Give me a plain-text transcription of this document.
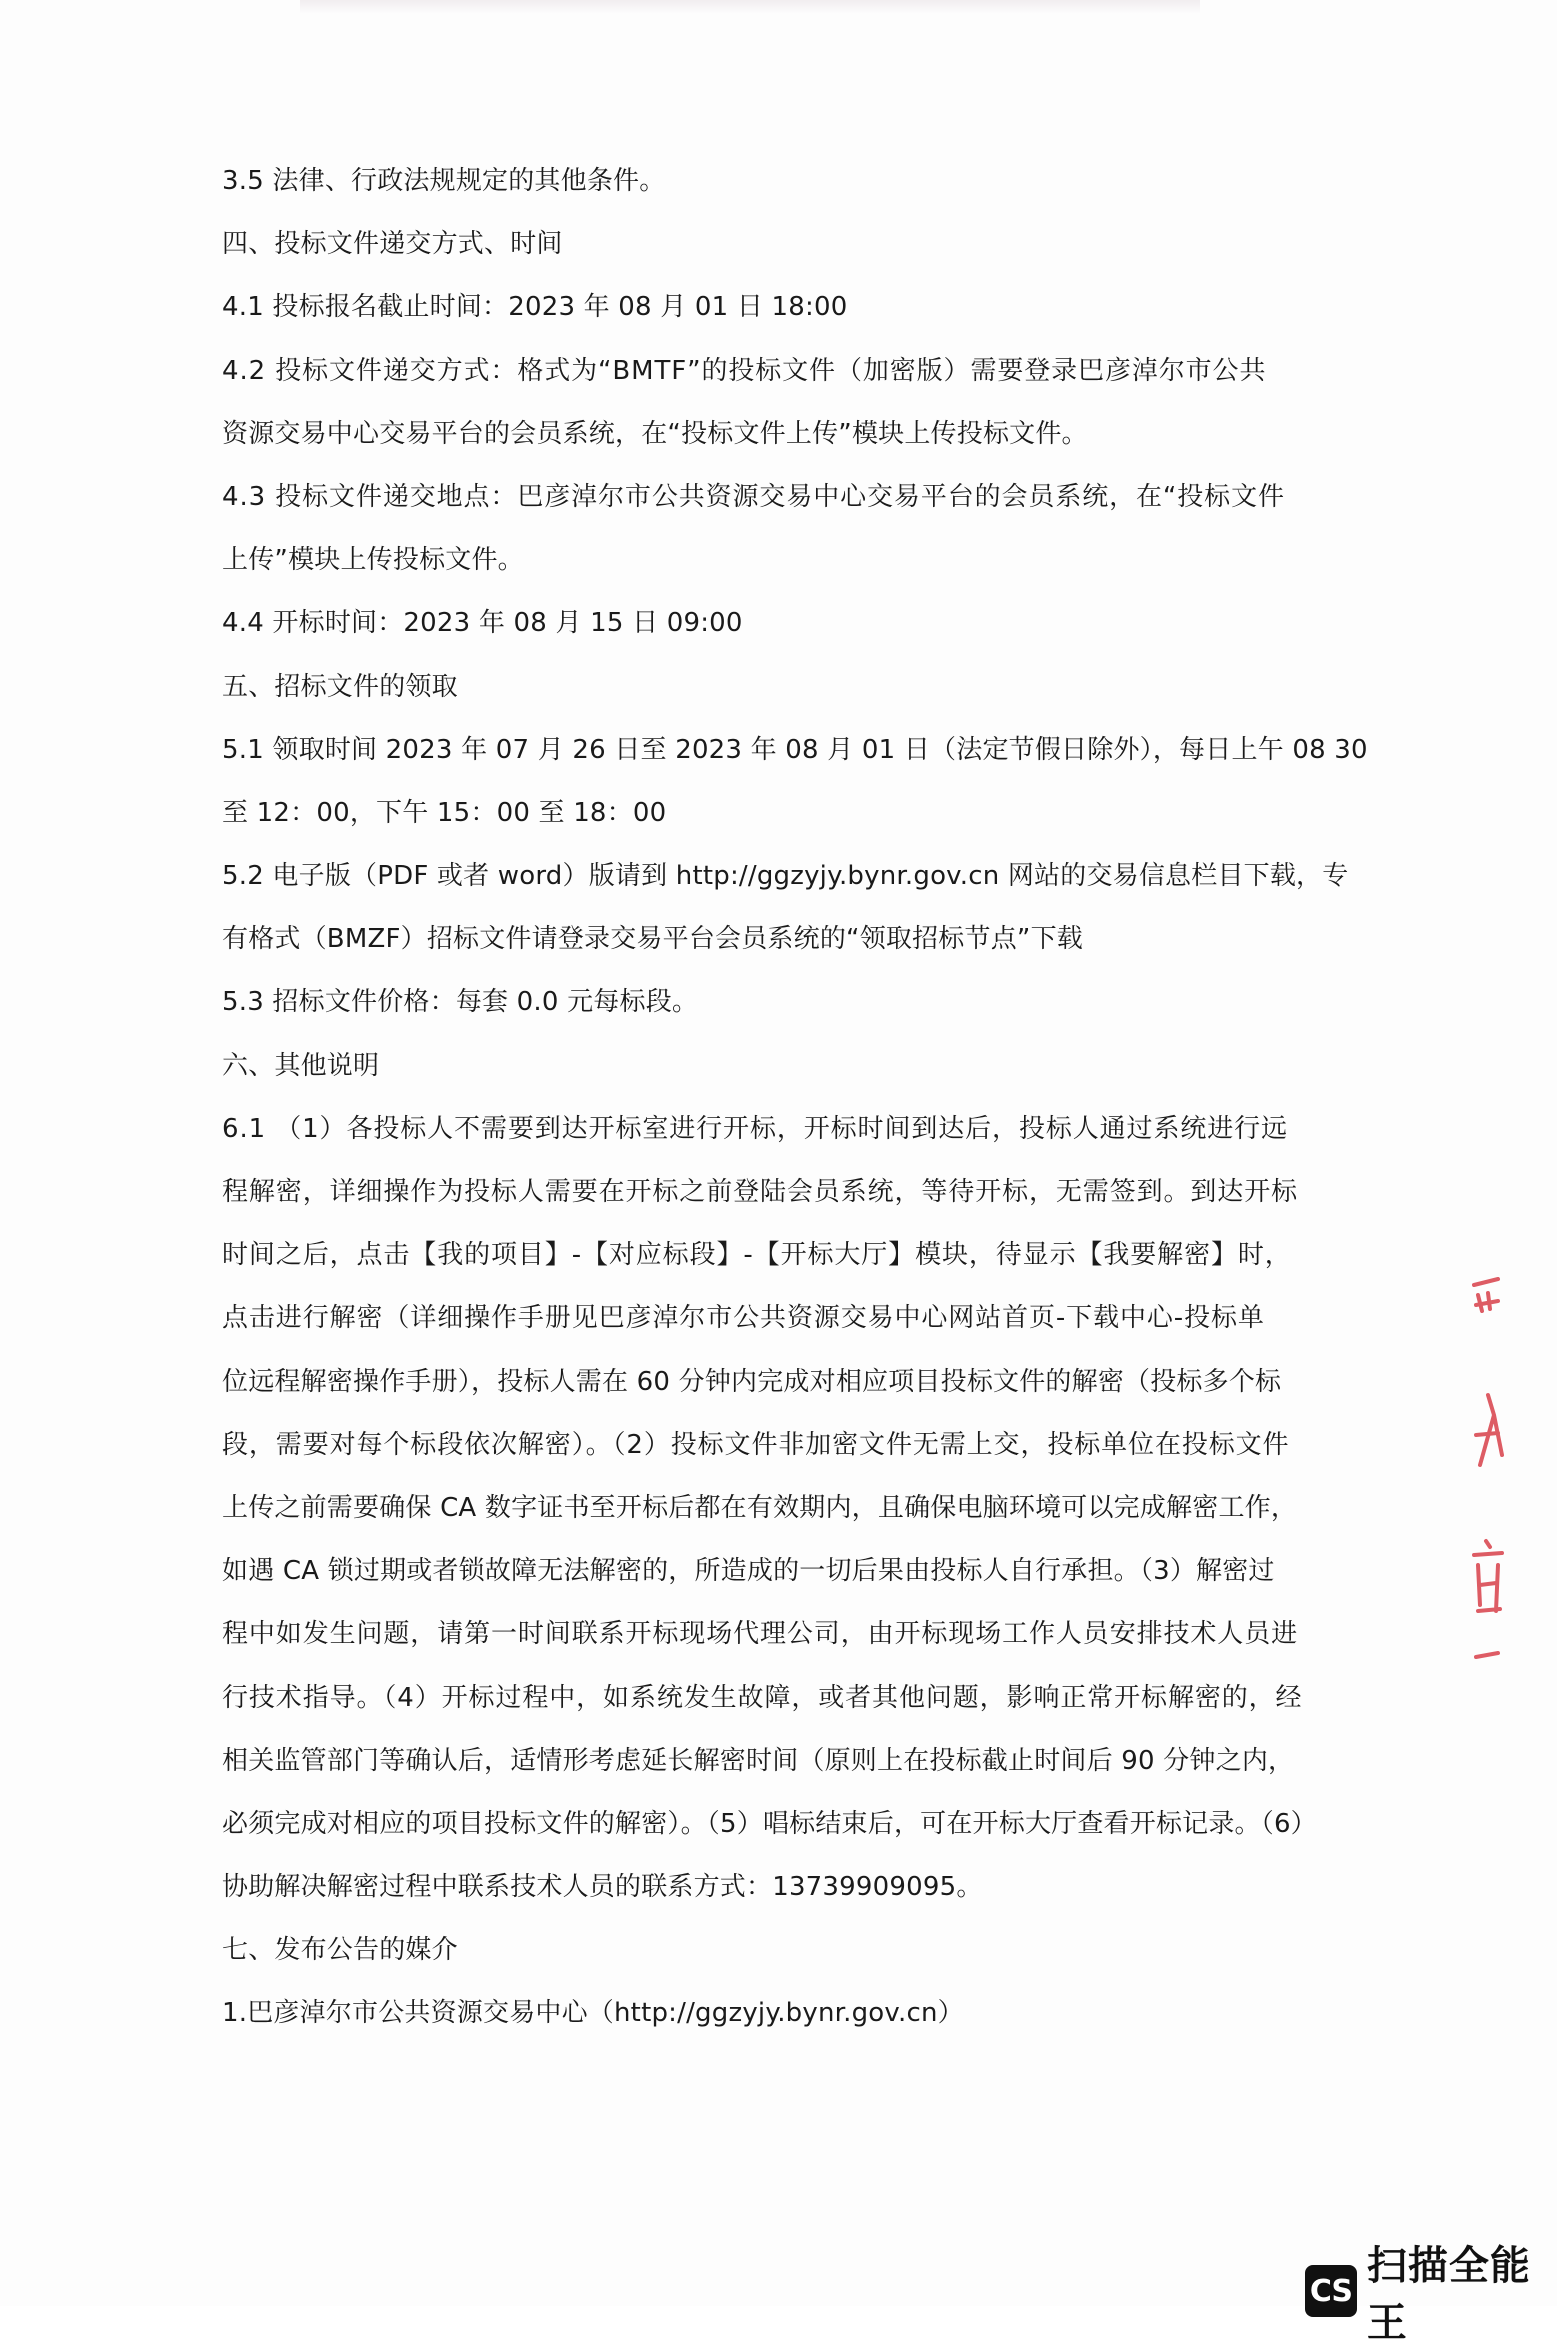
3.5 法律、行政法规规定的其他条件。
四、投标文件递交方式、时间
4.1 投标报名截止时间：2023 年 08 月 01 日 18:00
4.2 投标文件递交方式：格式为“BMTF”的投标文件（加密版）需要登录巴彦淖尔市公共
资源交易中心交易平台的会员系统，在“投标文件上传”模块上传投标文件。
4.3 投标文件递交地点：巴彦淖尔市公共资源交易中心交易平台的会员系统，在“投标文件
上传”模块上传投标文件。
4.4 开标时间：2023 年 08 月 15 日 09:00
五、招标文件的领取
5.1 领取时间 2023 年 07 月 26 日至 2023 年 08 月 01 日（法定节假日除外），每日上午 08 30
至 12：00，下午 15：00 至 18：00
5.2 电子版（PDF 或者 word）版请到 http://ggzyjy.bynr.gov.cn 网站的交易信息栏目下载，专
有格式（BMZF）招标文件请登录交易平台会员系统的“领取招标节点”下载
5.3 招标文件价格：每套 0.0 元每标段。
六、其他说明
6.1 （1）各投标人不需要到达开标室进行开标，开标时间到达后，投标人通过系统进行远
程解密，详细操作为投标人需要在开标之前登陆会员系统，等待开标，无需签到。到达开标
时间之后，点击【我的项目】-【对应标段】-【开标大厅】模块，待显示【我要解密】时，
点击进行解密（详细操作手册见巴彦淖尔市公共资源交易中心网站首页-下载中心-投标单
位远程解密操作手册），投标人需在 60 分钟内完成对相应项目投标文件的解密（投标多个标
段，需要对每个标段依次解密）。（2）投标文件非加密文件无需上交，投标单位在投标文件
上传之前需要确保 CA 数字证书至开标后都在有效期内，且确保电脑环境可以完成解密工作，
如遇 CA 锁过期或者锁故障无法解密的，所造成的一切后果由投标人自行承担。（3）解密过
程中如发生问题，请第一时间联系开标现场代理公司，由开标现场工作人员安排技术人员进
行技术指导。（4）开标过程中，如系统发生故障，或者其他问题，影响正常开标解密的，经
相关监管部门等确认后，适情形考虑延长解密时间（原则上在投标截止时间后 90 分钟之内，
必须完成对相应的项目投标文件的解密）。（5）唱标结束后，可在开标大厅查看开标记录。（6）
协助解决解密过程中联系技术人员的联系方式：13739909095。
七、发布公告的媒介
1.巴彦淖尔市公共资源交易中心（http://ggzyjy.bynr.gov.cn）
CS
扫描全能王
